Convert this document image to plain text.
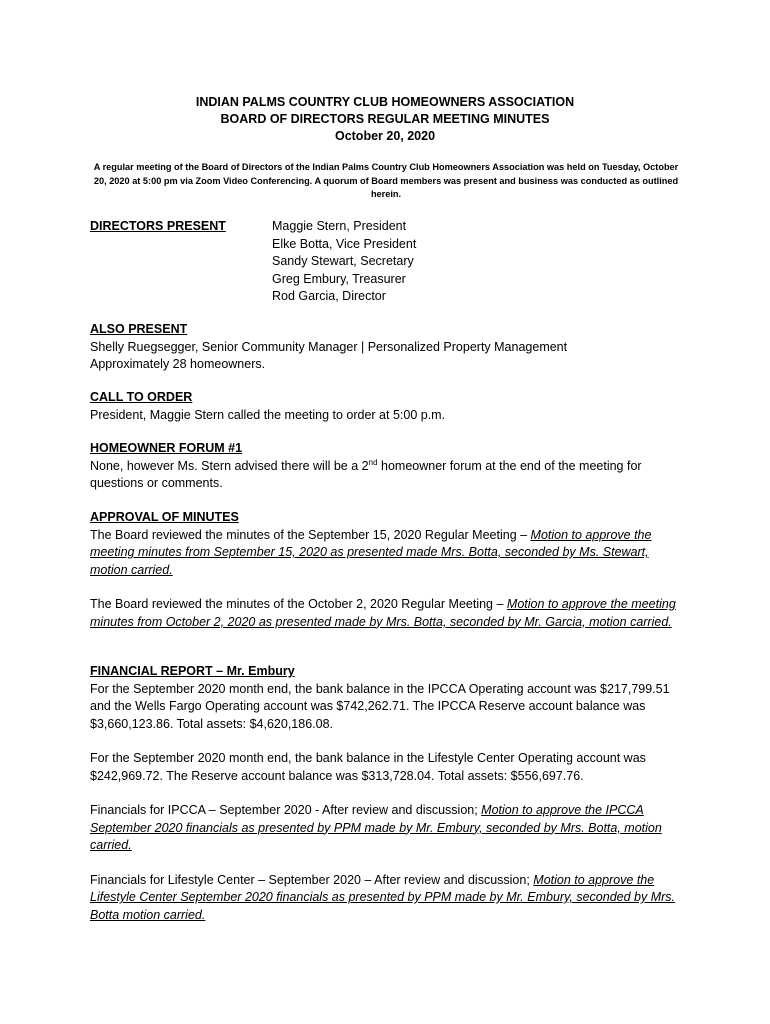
INDIAN PALMS COUNTRY CLUB HOMEOWNERS ASSOCIATION
BOARD OF DIRECTORS REGULAR MEETING MINUTES
October 20, 2020
A regular meeting of the Board of Directors of the Indian Palms Country Club Homeowners Association was held on Tuesday, October 20, 2020 at 5:00 pm via Zoom Video Conferencing. A quorum of Board members was present and business was conducted as outlined herein.
DIRECTORS PRESENT	Maggie Stern, President
Elke Botta, Vice President
Sandy Stewart, Secretary
Greg Embury, Treasurer
Rod Garcia, Director
ALSO PRESENT
Shelly Ruegsegger, Senior Community Manager | Personalized Property Management
Approximately 28 homeowners.
CALL TO ORDER
President, Maggie Stern called the meeting to order at 5:00 p.m.
HOMEOWNER FORUM #1

None, however Ms. Stern advised there will be a 2nd homeowner forum at the end of the meeting for questions or comments.

APPROVAL OF MINUTES

The Board reviewed the minutes of the September 15, 2020 Regular Meeting – Motion to approve the meeting minutes from September 15, 2020 as presented made Mrs. Botta, seconded by Ms. Stewart, motion carried.

The Board reviewed the minutes of the October 2, 2020 Regular Meeting – Motion to approve the meeting minutes from October 2, 2020 as presented made by Mrs. Botta, seconded by Mr. Garcia, motion carried.

FINANCIAL REPORT – Mr. Embury

For the September 2020 month end, the bank balance in the IPCCA Operating account was $217,799.51 and the Wells Fargo Operating account was $742,262.71. The IPCCA Reserve account balance was $3,660,123.86. Total assets: $4,620,186.08.

For the September 2020 month end, the bank balance in the Lifestyle Center Operating account was $242,969.72. The Reserve account balance was $313,728.04. Total assets: $556,697.76.

Financials for IPCCA – September 2020 - After review and discussion; Motion to approve the IPCCA September 2020 financials as presented by PPM made by Mr. Embury, seconded by Mrs. Botta, motion carried.

Financials for Lifestyle Center – September 2020 – After review and discussion; Motion to approve the Lifestyle Center September 2020 financials as presented by PPM made by Mr. Embury, seconded by Mrs. Botta motion carried.
